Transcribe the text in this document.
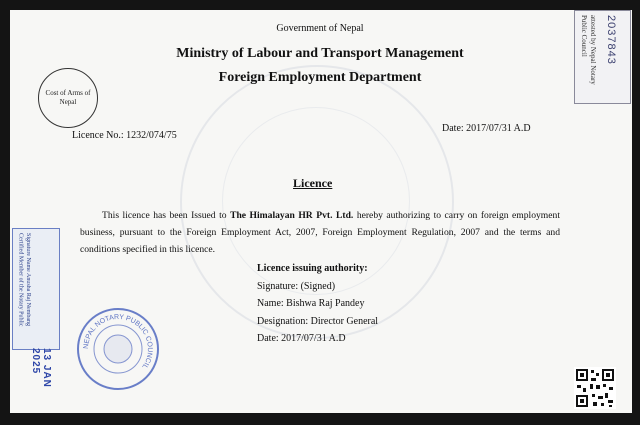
Cost of Arms of Nepal
Government of Nepal
Ministry of Labour and Transport Management
Foreign Employment Department
Licence No.: 1232/074/75
Date: 2017/07/31 A.D
Licence
This licence has been Issued to The Himalayan HR Pvt. Ltd. hereby authorizing to carry on foreign employment business, pursuant to the Foreign Employment Act, 2007, Foreign Employment Regulation, 2007 and the terms and conditions specified in this licence.
Licence issuing authority:
Signature: (Signed)
Name: Bishwa Raj Pandey
Designation: Director General
Date: 2017/07/31 A.D
attested by Nepal Notary Public Council	2037843
Signature Name Anusha Raj Nembang Certified Member of the Notary Public
13 JAN 2025
NEPAL NOTARY PUBLIC COUNCIL
